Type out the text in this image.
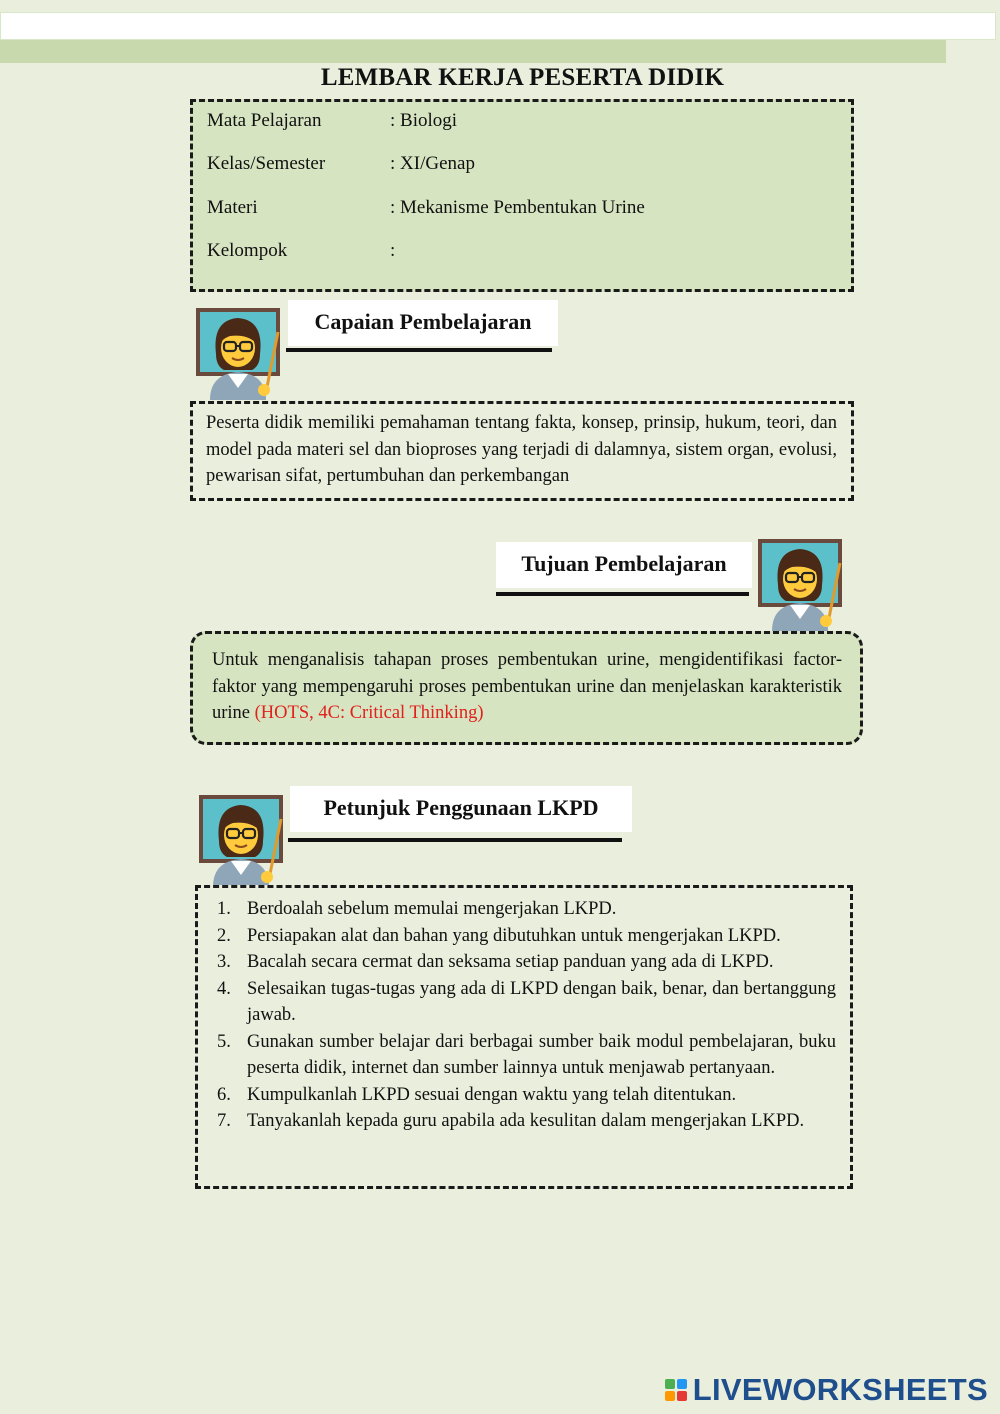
LEMBAR KERJA PESERTA DIDIK
Mata Pelajaran	: Biologi
Kelas/Semester	: XI/Genap
Materi	: Mekanisme Pembentukan Urine
Kelompok	:
Capaian Pembelajaran

Peserta didik memiliki pemahaman tentang fakta, konsep, prinsip, hukum, teori, dan model pada materi sel dan bioproses yang terjadi di dalamnya, sistem organ, evolusi, pewarisan sifat, pertumbuhan dan perkembangan

Tujuan Pembelajaran

Untuk menganalisis tahapan proses pembentukan urine, mengidentifikasi factor-faktor yang mempengaruhi proses pembentukan urine dan menjelaskan karakteristik urine (HOTS, 4C: Critical Thinking)

Petunjuk Penggunaan LKPD
1. Berdoalah sebelum memulai mengerjakan LKPD.
2. Persiapakan alat dan bahan yang dibutuhkan untuk mengerjakan LKPD.
3. Bacalah secara cermat dan seksama setiap panduan yang ada di LKPD.
4. Selesaikan tugas-tugas yang ada di LKPD dengan baik, benar, dan bertanggung jawab.
5. Gunakan sumber belajar dari berbagai sumber baik modul pembelajaran, buku peserta didik, internet dan sumber lainnya untuk menjawab pertanyaan.
6. Kumpulkanlah LKPD sesuai dengan waktu yang telah ditentukan.
7. Tanyakanlah kepada guru apabila ada kesulitan dalam mengerjakan LKPD.
LIVEWORKSHEETS
